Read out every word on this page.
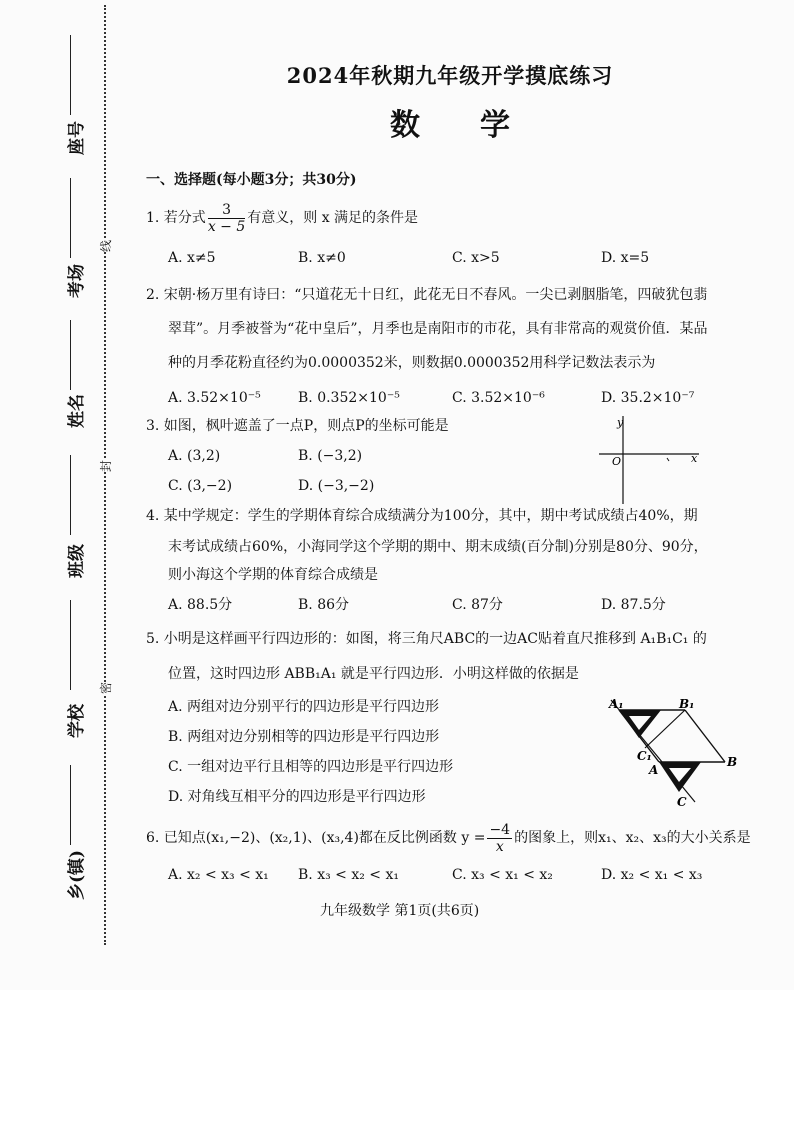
座号
考场
姓名
班级
学校
乡(镇)
线
封
密
2024年秋期九年级开学摸底练习
数学
一、选择题(每小题3分；共30分)
1. 若分式 $\frac{3}{x - 5}$ 有意义，则 x 满足的条件是
A. x≠5	B. x≠0	C. x>5	D. x=5
2. 宋朝·杨万里有诗曰：“只道花无十日红，此花无日不春风。一尖已剥胭脂笔，四破犹包翡
翠茸”。月季被誉为“花中皇后”，月季也是南阳市的市花，具有非常高的观赏价值．某品
种的月季花粉直径约为0.0000352米，则数据0.0000352用科学记数法表示为
A. 3.52×10⁻⁵	B. 0.352×10⁻⁵	C. 3.52×10⁻⁶	D. 35.2×10⁻⁷
3. 如图，枫叶遮盖了一点P，则点P的坐标可能是
A. (3,2)	B. (−3,2)
C. (3,−2)	D. (−3,−2)
y
x
O
4. 某中学规定：学生的学期体育综合成绩满分为100分，其中，期中考试成绩占40%，期
末考试成绩占60%，小海同学这个学期的期中、期末成绩(百分制)分别是80分、90分，
则小海这个学期的体育综合成绩是
A. 88.5分	B. 86分	C. 87分	D. 87.5分
5. 小明是这样画平行四边形的：如图，将三角尺ABC的一边AC贴着直尺推移到 A₁B₁C₁ 的
位置，这时四边形 ABB₁A₁ 就是平行四边形．小明这样做的依据是
A. 两组对边分别平行的四边形是平行四边形
B. 两组对边分别相等的四边形是平行四边形
C. 一组对边平行且相等的四边形是平行四边形
D. 对角线互相平分的四边形是平行四边形
A₁	B₁
C₁
A
B
C
6. 已知点(x₁,−2)、(x₂,1)、(x₃,4)都在反比例函数 $y = \frac{-4}{x}$ 的图象上，则x₁、x₂、x₃的大小关系是
A. x₂ < x₃ < x₁ B. x₃ < x₂ < x₁	C. x₃ < x₁ < x₂	D. x₂ < x₁ < x₃
九年级数学 第1页(共6页)
